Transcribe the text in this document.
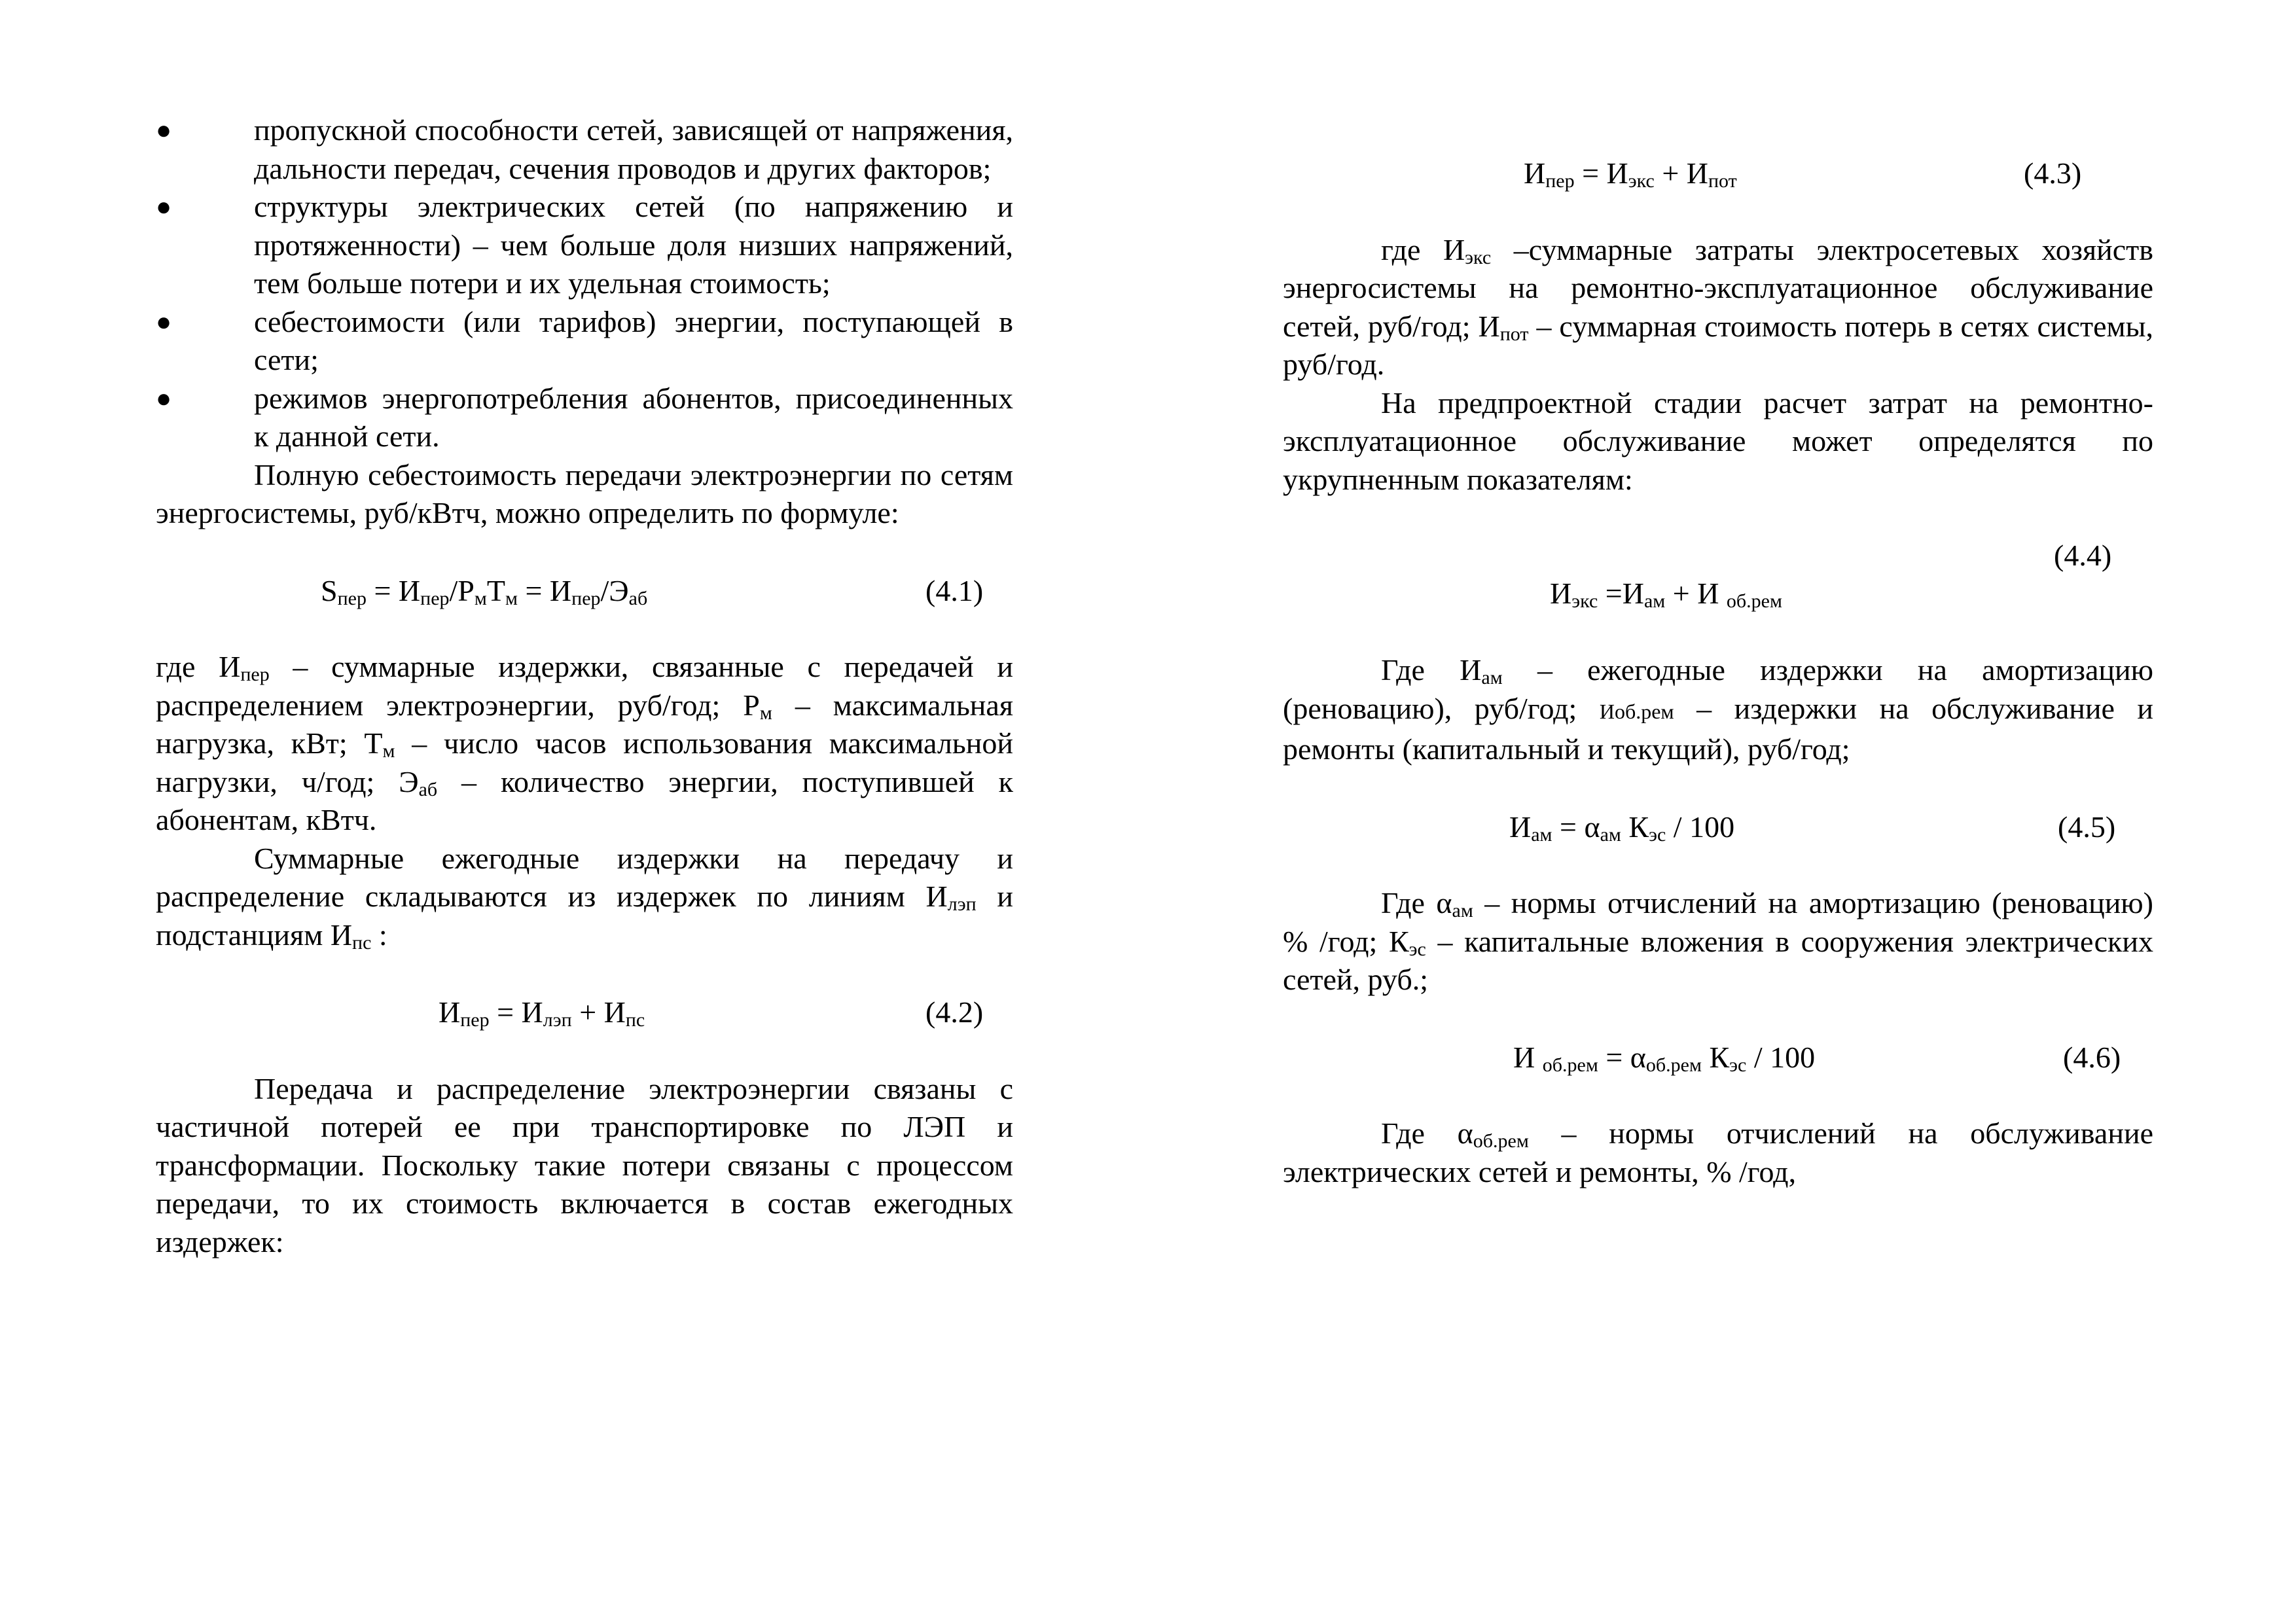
●	пропускной способности сетей, зависящей от напряжения, дальности передач, сечения проводов и других факторов;

●	структуры электрических сетей (по напряжению и протяженности) – чем больше доля низших напряжений, тем больше потери и их удельная стоимость;

●	себестоимости (или тарифов) энергии, поступающей в сети;

●	режимов энергопотребления абонентов, присоединенных к данной сети.

Полную себестоимость передачи электроэнергии по сетям энергосистемы, руб/кВтч, можно определить по формуле:

$S_{пер} = И_{пер}/P_мT_м = И_{пер}/Э_{аб}$	(4.1)

где $И_{пер}$ – суммарные издержки, связанные с передачей и распределением электроэнергии, руб/год; $Р_м$ – максимальная нагрузка, кВт; $Т_м$ – число часов использования максимальной нагрузки, ч/год; $Э_{аб}$ – количество энергии, поступившей к абонентам, кВтч.

Суммарные ежегодные издержки на передачу и распределение складываются из издержек по линиям $И_{лэп}$ и подстанциям $И_{пс}$ :

$И_{пер} = И_{лэп} + И_{пс}$	(4.2)

Передача и распределение электроэнергии связаны с частичной потерей ее при транспортировке по ЛЭП и трансформации. Поскольку такие потери связаны с процессом передачи, то их стоимость включается в состав ежегодных издержек:

$И_{пер} = И_{экс} + И_{пот}$	(4.3)

где $И_{экс}$ –суммарные затраты электросетевых хозяйств энергосистемы на ремонтно-эксплуатационное обслуживание сетей, руб/год; $И_{пот}$ – суммарная стоимость потерь в сетях системы, руб/год.

На предпроектной стадии расчет затрат на ремонтно-эксплуатационное обслуживание может определятся по укрупненным показателям:

(4.4)
$И_{экс} =И_{ам} + И$ $_{об.рем}$

Где $И_{ам}$ – ежегодные издержки на амортизацию (реновацию), руб/год; Иоб.рем – издержки на обслуживание и ремонты (капитальный и текущий), руб/год;

$И_{ам} = \alpha_{ам}$ $К_{эс} / 100$	(4.5)

Где $\alpha_{ам}$ – нормы отчислений на амортизацию (реновацию) % /год; $К_{эс}$ – капитальные вложения в сооружения электрических сетей, руб.;

И $_{об.рем} = \alpha_{об.рем}$ $К_{эс} / 100$	(4.6)

Где $\alpha_{об.рем}$ – нормы отчислений на обслуживание электрических сетей и ремонты, % /год,
